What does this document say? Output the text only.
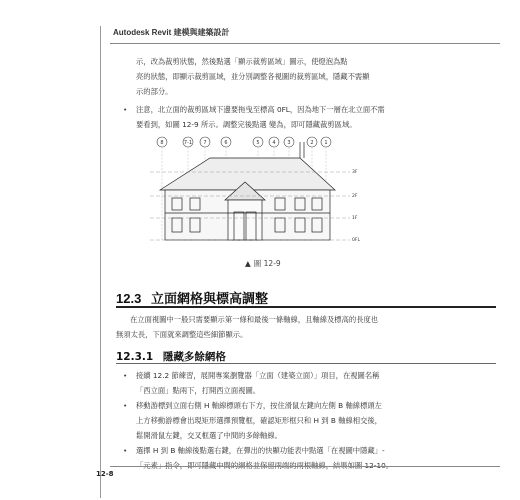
Autodesk Revit 建模與建築設計
示，改為裁剪狀態，然後點選「顯示裁剪區域」圖示，使燈泡為點
亮的狀態，即顯示裁剪區域，並分別調整各視圖的裁剪區域，隱藏不需顯
示的部分。
• 注意，北立面的裁剪區域下邊要拖曳至標高 0FL，因為地下一層在北立面不需
要看到，如圖 12-9 所示。調整完後點選 變為，即可隱藏裁剪區域。
8	7-1 7	6	5	4 3	2 1
3F
2F
1F
0FL
▲ 圖 12-9
12.3 立面網格與標高調整
在立面視圖中一般只需要顯示第一條和最後一條軸線，且軸線及標高的長度也
無須太長，下面就來調整這些細節顯示。
12.3.1 隱藏多餘網格
• 接續 12.2 節練習，展開專案瀏覽器「立面（建築立面）」項目，在視圖名稱
「西立面」點兩下，打開西立面視圖。
• 移動游標到立面右側 H 軸線標頭右下方，按住滑鼠左鍵向左側 B 軸線標頭左
上方移動游標會出現矩形選擇預覽框，確認矩形框只和 H 到 B 軸線相交後，
鬆開滑鼠左鍵，交叉框選了中間的多餘軸線。
• 選擇 H 到 B 軸線後點選右鍵，在彈出的快顯功能表中點選「在視圖中隱藏」-
12-8
